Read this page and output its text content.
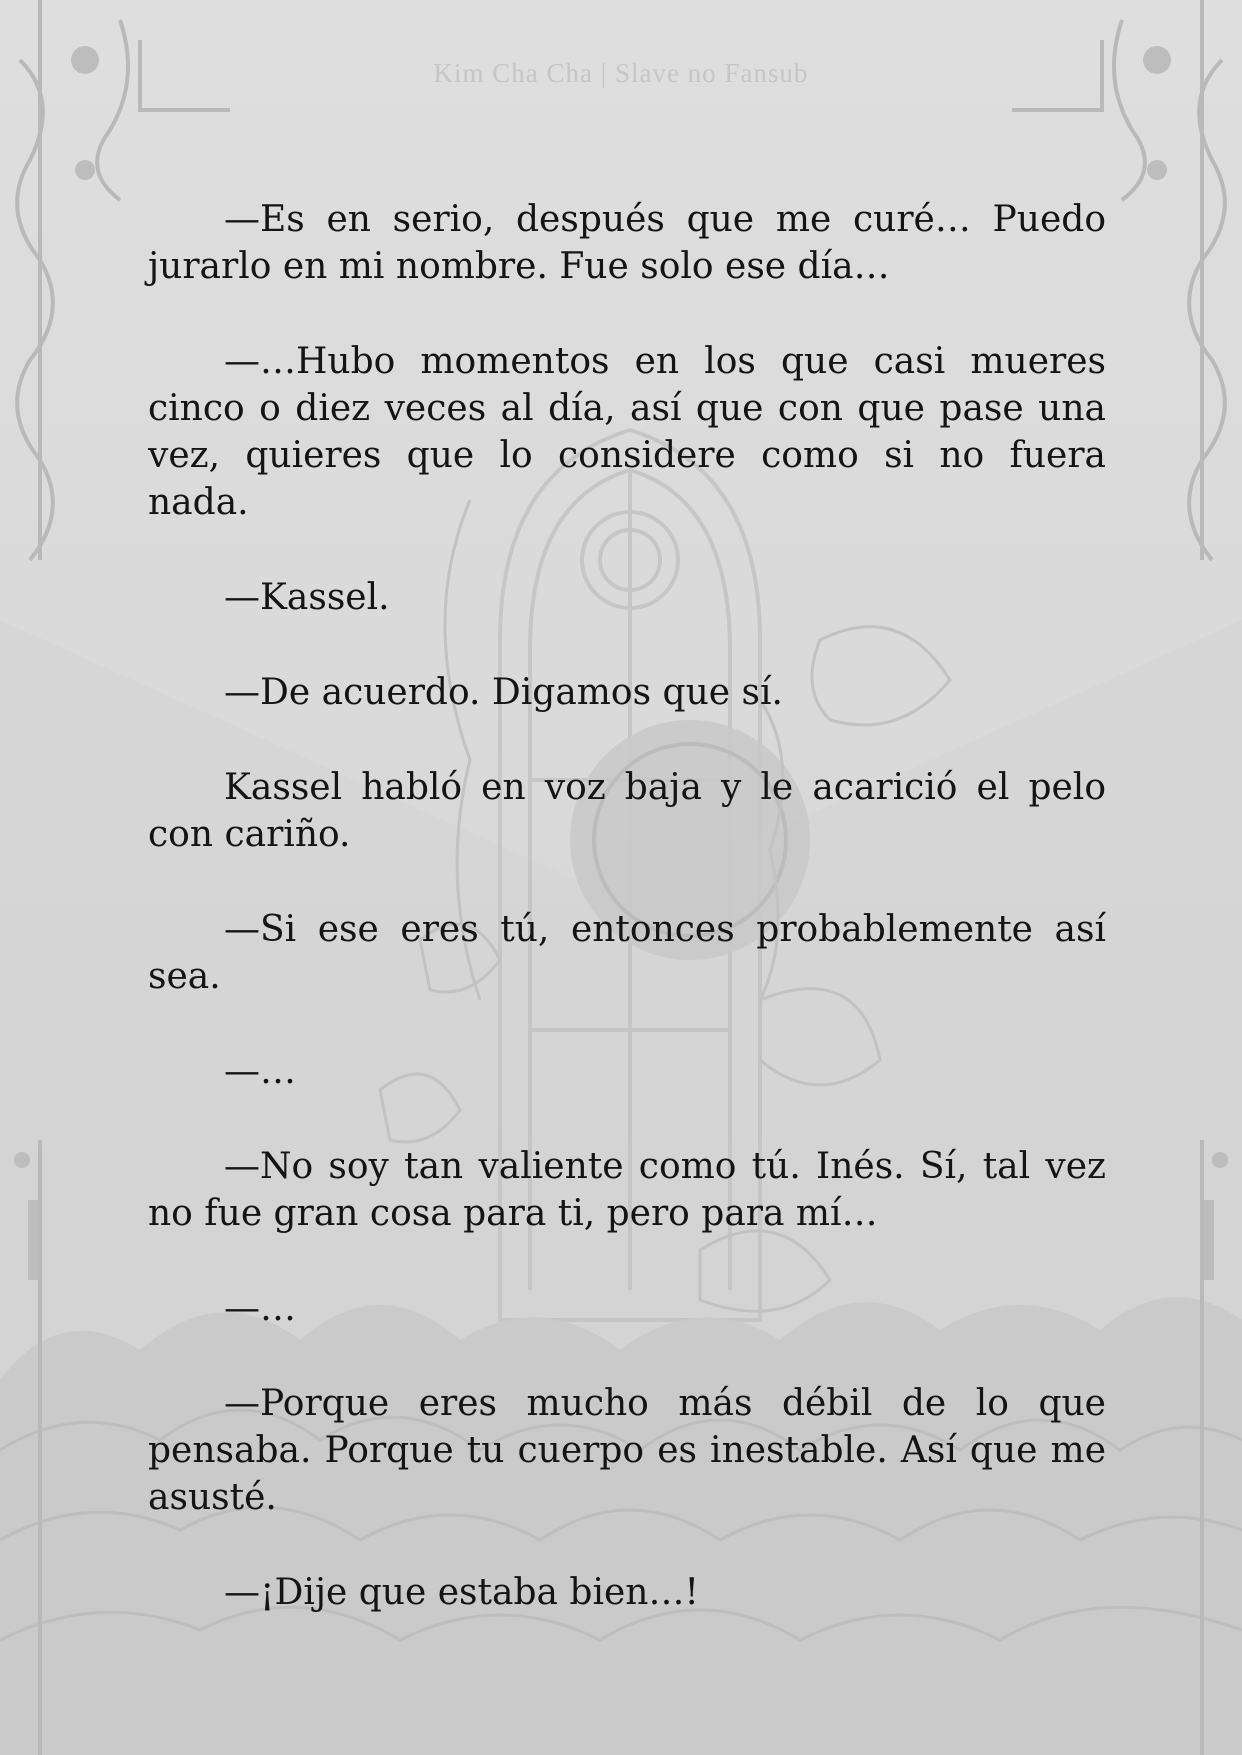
Kim Cha Cha | Slave no Fansub

—Es en serio, después que me curé… Puedo jurarlo en mi nombre. Fue solo ese día…

—…Hubo momentos en los que casi mueres cinco o diez veces al día, así que con que pase una vez, quieres que lo considere como si no fuera nada.

—Kassel.

—De acuerdo. Digamos que sí.

Kassel habló en voz baja y le acarició el pelo con cariño.

—Si ese eres tú, entonces probablemente así sea.

—…

—No soy tan valiente como tú. Inés. Sí, tal vez no fue gran cosa para ti, pero para mí…

—…

—Porque eres mucho más débil de lo que pensaba. Porque tu cuerpo es inestable. Así que me asusté.

—¡Dije que estaba bien…!
